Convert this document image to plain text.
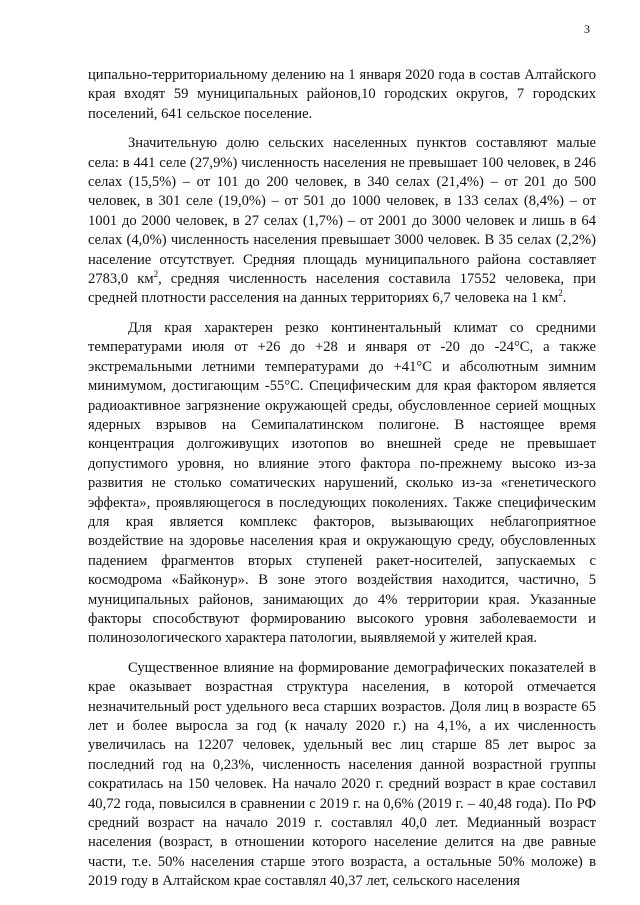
3

ципально-территориальному делению на 1 января 2020 года в состав Алтайского края входят 59 муниципальных районов,10 городских округов, 7 городских поселений, 641 сельское поселение.

Значительную долю сельских населенных пунктов составляют малые села: в 441 селе (27,9%) численность населения не превышает 100 человек, в 246 селах (15,5%) – от 101 до 200 человек, в 340 селах (21,4%) – от 201 до 500 человек, в 301 селе (19,0%) – от 501 до 1000 человек, в 133 селах (8,4%) – от 1001 до 2000 человек, в 27 селах (1,7%) – от 2001 до 3000 человек и лишь в 64 селах (4,0%) численность населения превышает 3000 человек. В 35 селах (2,2%) население отсутствует. Средняя площадь муниципального района составляет 2783,0 $км^2$, средняя численность населения составила 17552 человека, при средней плотности расселения на данных территориях 6,7 человека на 1 $км^2$.

Для края характерен резко континентальный климат со средними температурами июля от +26 до +28 и января от -20 до -24°С, а также экстремальными летними температурами до +41°С и абсолютным зимним минимумом, достигающим -55°С. Специфическим для края фактором является радиоактивное загрязнение окружающей среды, обусловленное серией мощных ядерных взрывов на Семипалатинском полигоне. В настоящее время концентрация долгоживущих изотопов во внешней среде не превышает допустимого уровня, но влияние этого фактора по-прежнему высоко из-за развития не столько соматических нарушений, сколько из-за «генетического эффекта», проявляющегося в последующих поколениях. Также специфическим для края является комплекс факторов, вызывающих неблагоприятное воздействие на здоровье населения края и окружающую среду, обусловленных падением фрагментов вторых ступеней ракет-носителей, запускаемых с космодрома «Байконур». В зоне этого воздействия находится, частично, 5 муниципальных районов, занимающих до 4% территории края. Указанные факторы способствуют формированию высокого уровня заболеваемости и полинозологического характера патологии, выявляемой у жителей края.

Существенное влияние на формирование демографических показателей в крае оказывает возрастная структура населения, в которой отмечается незначительный рост удельного веса старших возрастов. Доля лиц в возрасте 65 лет и более выросла за год (к началу 2020 г.) на 4,1%, а их численность увеличилась на 12207 человек, удельный вес лиц старше 85 лет вырос за последний год на 0,23%, численность населения данной возрастной группы сократилась на 150 человек. На начало 2020 г. средний возраст в крае составил 40,72 года, повысился в сравнении с 2019 г. на 0,6% (2019 г. – 40,48 года). По РФ средний возраст на начало 2019 г. составлял 40,0 лет. Медианный возраст населения (возраст, в отношении которого население делится на две равные части, т.е. 50% населения старше этого возраста, а остальные 50% моложе) в 2019 году в Алтайском крае составлял 40,37 лет, сельского населения
